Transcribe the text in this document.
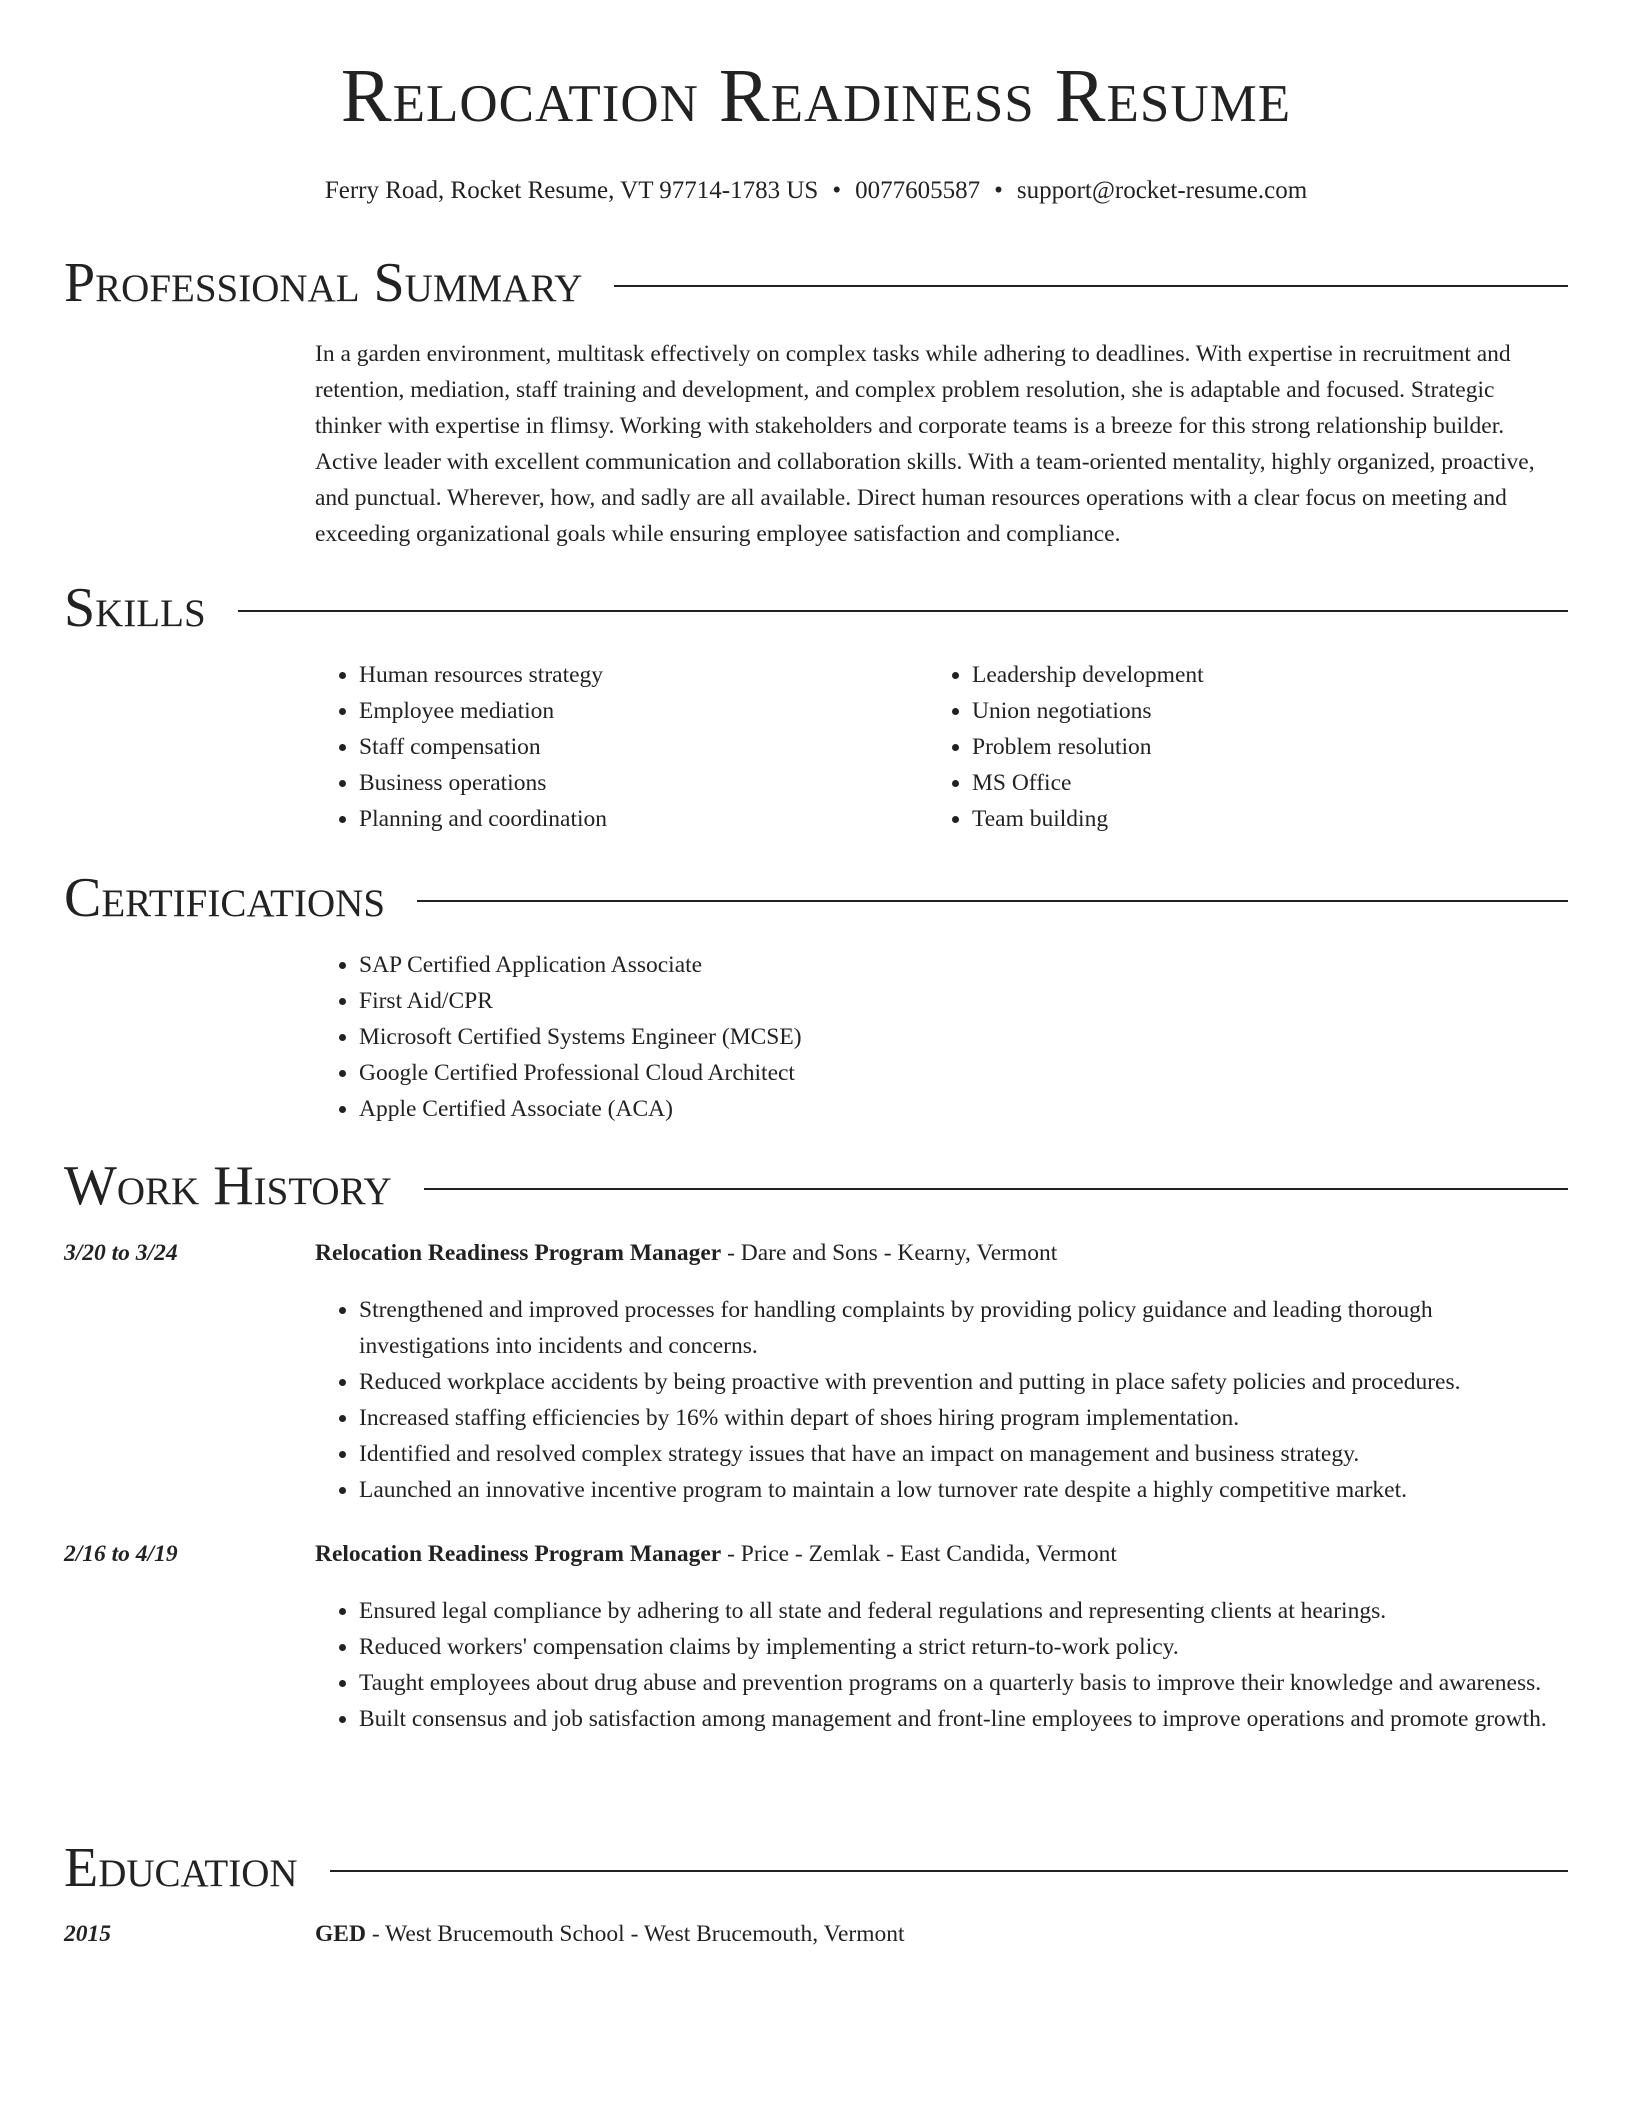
Relocation Readiness Resume
Ferry Road, Rocket Resume, VT 97714-1783 US • 0077605587 • support@rocket-resume.com
Professional Summary
In a garden environment, multitask effectively on complex tasks while adhering to deadlines. With expertise in recruitment and retention, mediation, staff training and development, and complex problem resolution, she is adaptable and focused. Strategic thinker with expertise in flimsy. Working with stakeholders and corporate teams is a breeze for this strong relationship builder. Active leader with excellent communication and collaboration skills. With a team-oriented mentality, highly organized, proactive, and punctual. Wherever, how, and sadly are all available. Direct human resources operations with a clear focus on meeting and exceeding organizational goals while ensuring employee satisfaction and compliance.
Skills
• Human resources strategy
• Employee mediation
• Staff compensation
• Business operations
• Planning and coordination
• Leadership development
• Union negotiations
• Problem resolution
• MS Office
• Team building
Certifications
• SAP Certified Application Associate
• First Aid/CPR
• Microsoft Certified Systems Engineer (MCSE)
• Google Certified Professional Cloud Architect
• Apple Certified Associate (ACA)
Work History
3/20 to 3/24	Relocation Readiness Program Manager - Dare and Sons - Kearny, Vermont
• Strengthened and improved processes for handling complaints by providing policy guidance and leading thorough investigations into incidents and concerns.
• Reduced workplace accidents by being proactive with prevention and putting in place safety policies and procedures.
• Increased staffing efficiencies by 16% within depart of shoes hiring program implementation.
• Identified and resolved complex strategy issues that have an impact on management and business strategy.
• Launched an innovative incentive program to maintain a low turnover rate despite a highly competitive market.
2/16 to 4/19	Relocation Readiness Program Manager - Price - Zemlak - East Candida, Vermont
• Ensured legal compliance by adhering to all state and federal regulations and representing clients at hearings.
• Reduced workers' compensation claims by implementing a strict return-to-work policy.
• Taught employees about drug abuse and prevention programs on a quarterly basis to improve their knowledge and awareness.
• Built consensus and job satisfaction among management and front-line employees to improve operations and promote growth.
Education
2015	GED - West Brucemouth School - West Brucemouth, Vermont
